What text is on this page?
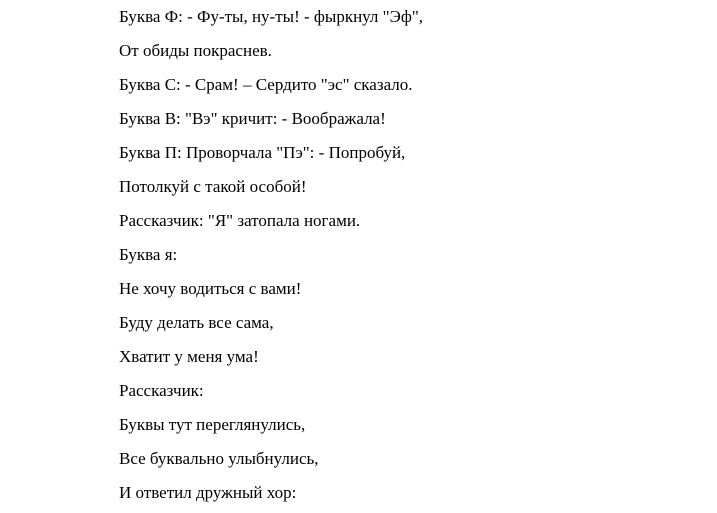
Буква Ф: - Фу-ты, ну-ты! - фыркнул "Эф",
От обиды покраснев.
Буква С: - Срам! – Сердито "эс" сказало.
Буква В: "Вэ" кричит: - Воображала!
Буква П: Проворчала "Пэ": - Попробуй,
Потолкуй с такой особой!
Рассказчик: "Я" затопала ногами.
Буква я:
Не хочу водиться с вами!
Буду делать все сама,
Хватит у меня ума!
Рассказчик:
Буквы тут переглянулись,
Все буквально улыбнулись,
И ответил дружный хор:
